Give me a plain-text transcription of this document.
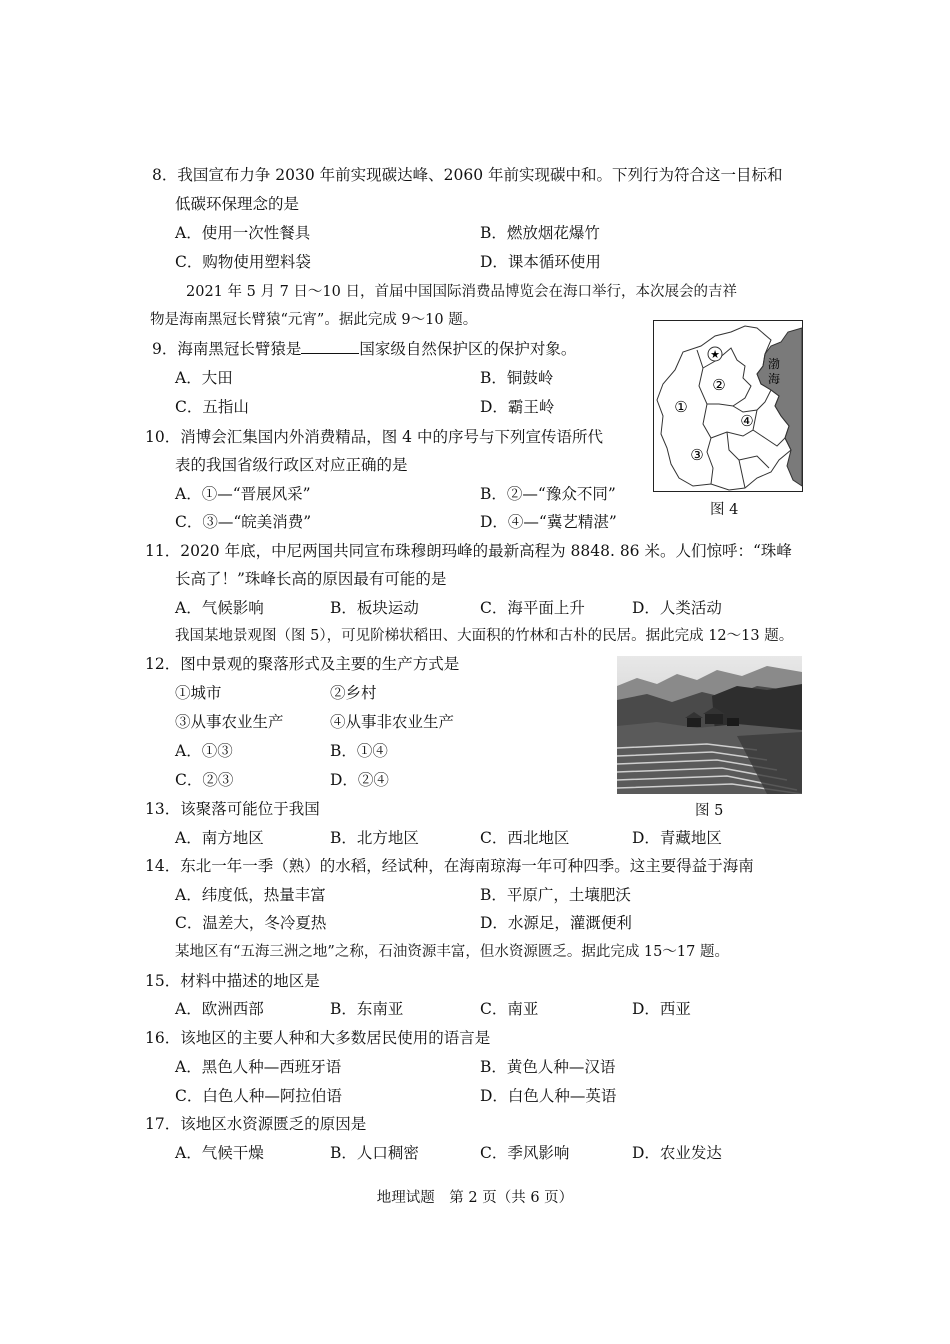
8．我国宣布力争 2030 年前实现碳达峰、2060 年前实现碳中和。下列行为符合这一目标和
低碳环保理念的是
A．使用一次性餐具	B．燃放烟花爆竹
C．购物使用塑料袋	D．课本循环使用
2021 年 5 月 7 日～10 日，首届中国国际消费品博览会在海口举行，本次展会的吉祥
物是海南黑冠长臂猿“元宵”。据此完成 9～10 题。
9．海南黑冠长臂猿是	国家级自然保护区的保护对象。
A．大田	B．铜鼓岭
C．五指山	D．霸王岭
10．消博会汇集国内外消费精品，图 4 中的序号与下列宣传语所代
表的我国省级行政区对应正确的是
A．①—“晋展风采”	B．②—“豫众不同”
C．③—“皖美消费”	D．④—“冀艺精湛”
★
①
②
③
④
渤
海
图 4
11．2020 年底，中尼两国共同宣布珠穆朗玛峰的最新高程为 8848. 86 米。人们惊呼：“珠峰
长高了！”珠峰长高的原因最有可能的是
A．气候影响	B．板块运动	C．海平面上升	D．人类活动
我国某地景观图（图 5），可见阶梯状稻田、大面积的竹林和古朴的民居。据此完成 12～13 题。
12．图中景观的聚落形式及主要的生产方式是
①城市	②乡村
③从事农业生产	④从事非农业生产
A．①③	B．①④
C．②③	D．②④
图 5
13．该聚落可能位于我国
A．南方地区	B．北方地区	C．西北地区	D．青藏地区
14．东北一年一季（熟）的水稻，经试种，在海南琼海一年可种四季。这主要得益于海南
A．纬度低，热量丰富	B．平原广，土壤肥沃
C．温差大，冬冷夏热	D．水源足，灌溉便利
某地区有“五海三洲之地”之称，石油资源丰富，但水资源匮乏。据此完成 15～17 题。
15．材料中描述的地区是
A．欧洲西部	B．东南亚	C．南亚	D．西亚
16．该地区的主要人种和大多数居民使用的语言是
A．黑色人种—西班牙语	B．黄色人种—汉语
C．白色人种—阿拉伯语	D．白色人种—英语
17．该地区水资源匮乏的原因是
A．气候干燥	B．人口稠密	C．季风影响	D．农业发达
地理试题　第 2 页（共 6 页）
